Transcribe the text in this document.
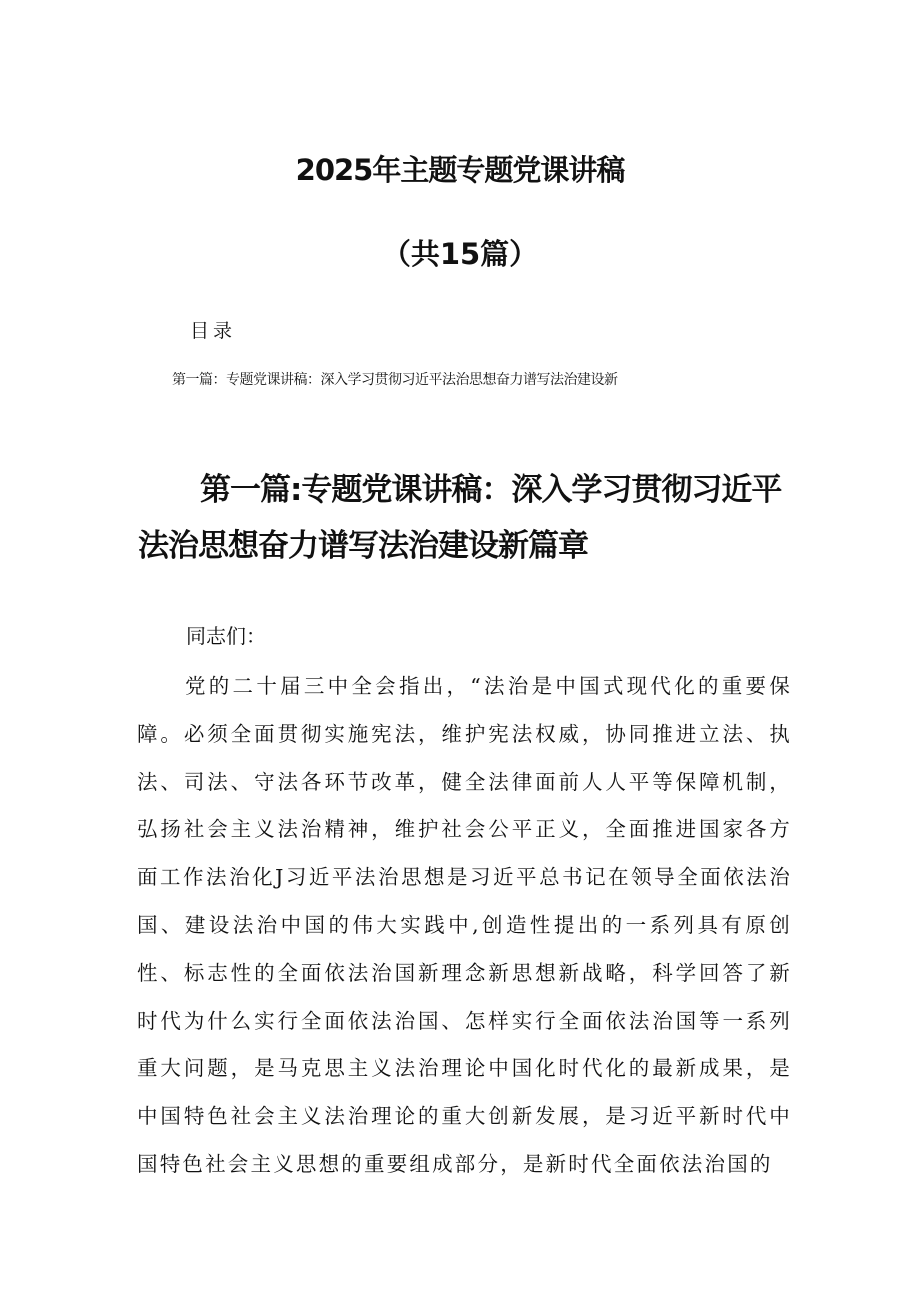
2025年主题专题党课讲稿
（共15篇）
目录
第一篇：专题党课讲稿：深入学习贯彻习近平法治思想奋力谱写法治建设新
第一篇:专题党课讲稿：深入学习贯彻习近平法治思想奋力谱写法治建设新篇章
同志们：

党的二十届三中全会指出，“法治是中国式现代化的重要保障。必须全面贯彻实施宪法，维护宪法权威，协同推进立法、执法、司法、守法各环节改革，健全法律面前人人平等保障机制，弘扬社会主义法治精神，维护社会公平正义，全面推进国家各方面工作法治化J习近平法治思想是习近平总书记在领导全面依法治国、建设法治中国的伟大实践中,创造性提出的一系列具有原创性、标志性的全面依法治国新理念新思想新战略，科学回答了新时代为什么实行全面依法治国、怎样实行全面依法治国等一系列重大问题，是马克思主义法治理论中国化时代化的最新成果，是中国特色社会主义法治理论的重大创新发展，是习近平新时代中国特色社会主义思想的重要组成部分，是新时代全面依法治国的
